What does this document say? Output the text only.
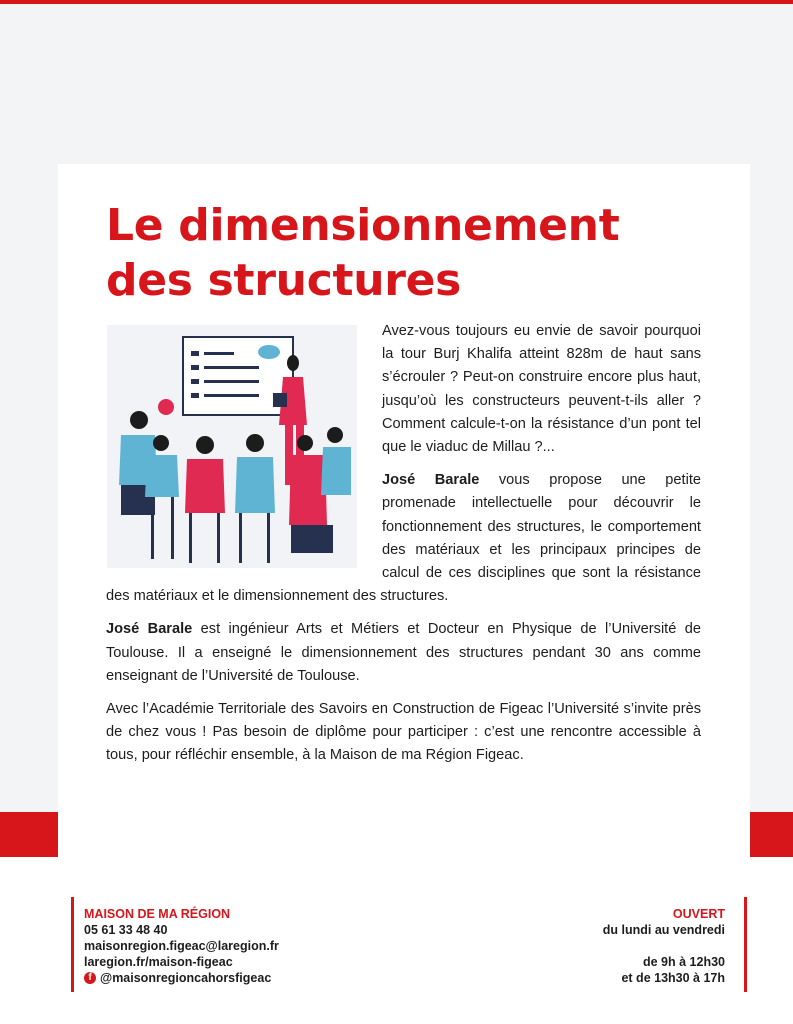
Le dimensionnement
des structures

Avez-vous toujours eu envie de savoir pourquoi la tour Burj Khalifa atteint 828m de haut sans s’écrouler ? Peut-on construire encore plus haut, jusqu’où les constructeurs peuvent-t-ils aller ? Comment calcule-t-on la résistance d’un pont tel que le viaduc de Millau ?...

José Barale vous propose une petite promenade intellectuelle pour découvrir le fonctionnement des structures, le comportement des matériaux et les principaux principes de calcul de ces disciplines que sont la résistance des matériaux et le dimensionnement des structures.

José Barale est ingénieur Arts et Métiers et Docteur en Physique de l’Université de Toulouse. Il a enseigné le dimensionnement des structures pendant 30 ans comme enseignant de l’Université de Toulouse.

Avec l’Académie Territoriale des Savoirs en Construction de Figeac l’Université s’invite près de chez vous ! Pas besoin de diplôme pour participer : c’est une rencontre accessible à tous, pour réfléchir ensemble, à la Maison de ma Région Figeac.

MAISON DE MA RÉGION
05 61 33 48 40
maisonregion.figeac@laregion.fr
laregion.fr/maison-figeac
f @maisonregioncahorsfigeac
OUVERT
du lundi au vendredi
de 9h à 12h30
et de 13h30 à 17h
